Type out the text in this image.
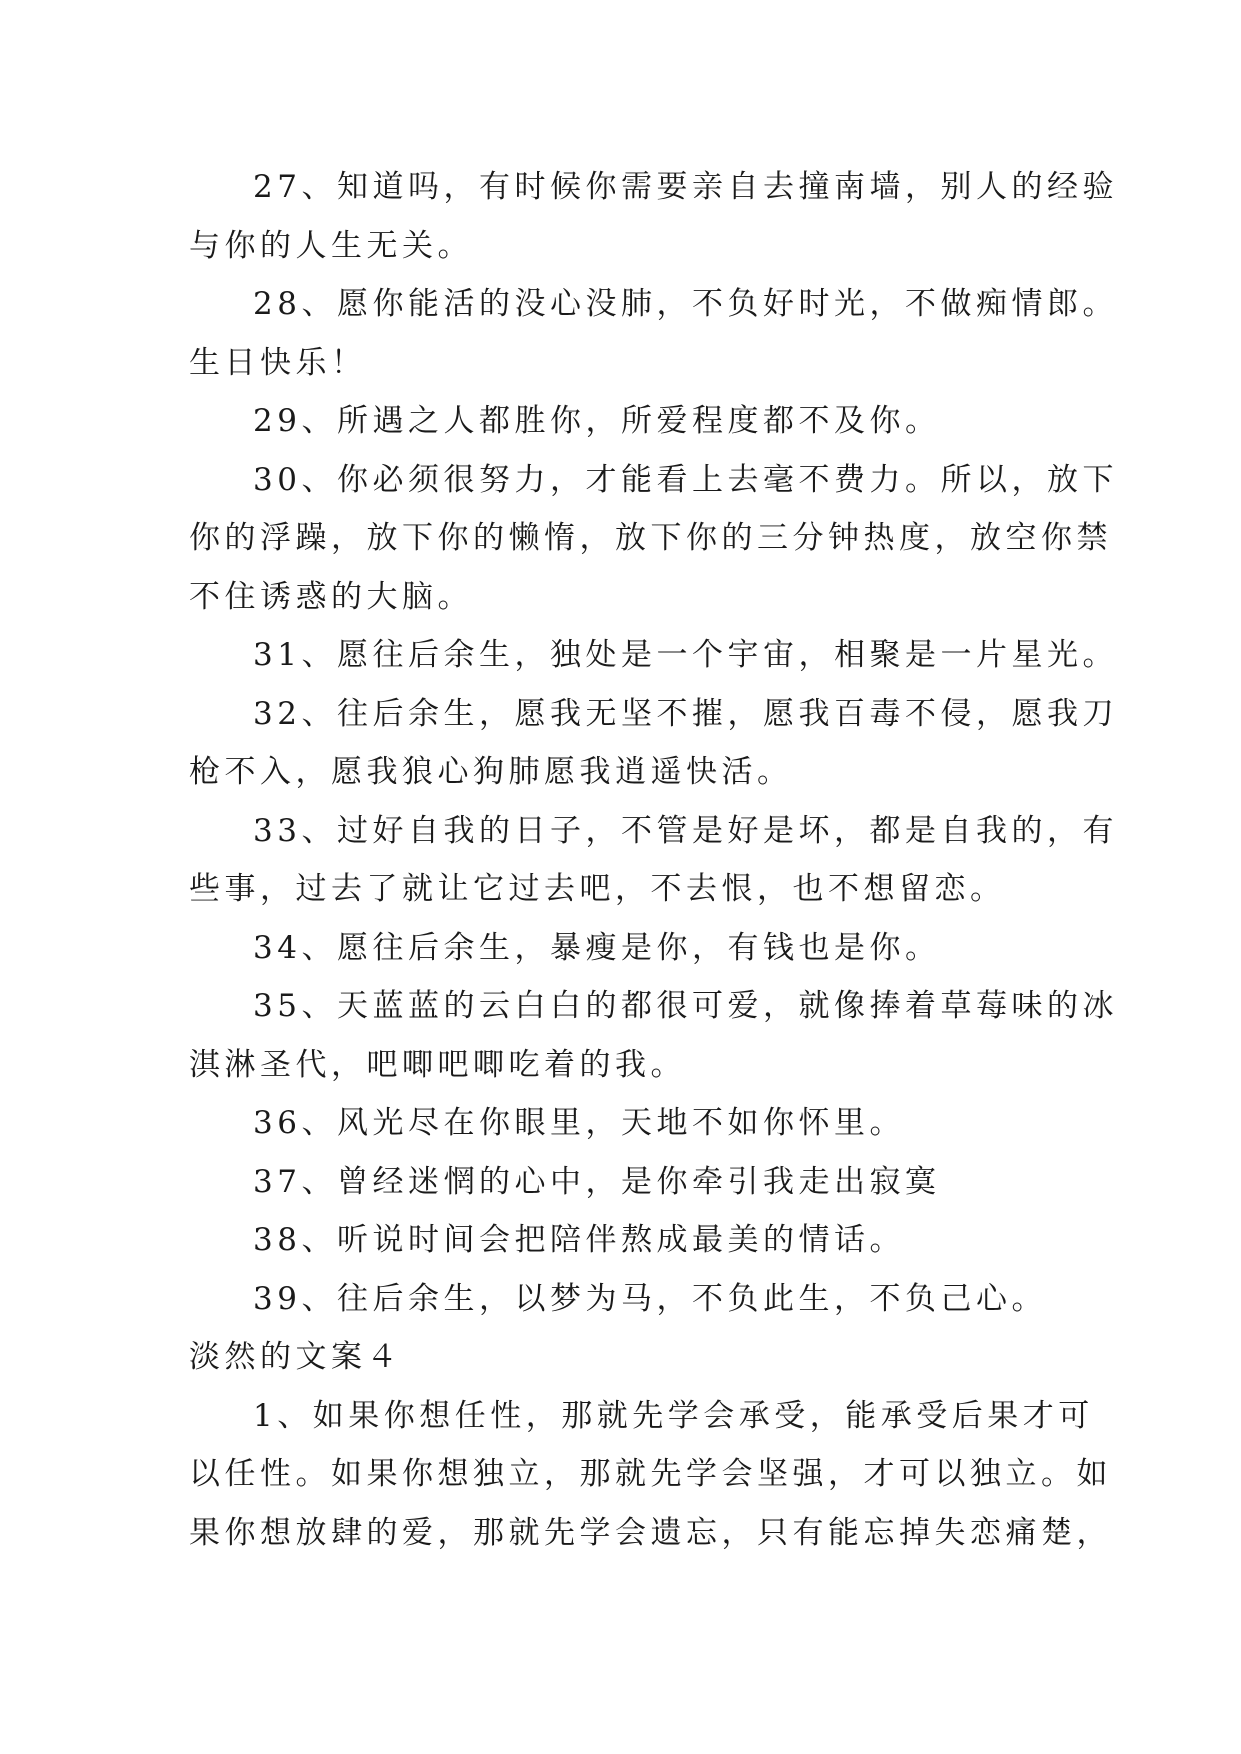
27、知道吗，有时候你需要亲自去撞南墙，别人的经验
与你的人生无关。

28、愿你能活的没心没肺，不负好时光，不做痴情郎。
生日快乐！

29、所遇之人都胜你，所爱程度都不及你。

30、你必须很努力，才能看上去毫不费力。所以，放下
你的浮躁，放下你的懒惰，放下你的三分钟热度，放空你禁
不住诱惑的大脑。

31、愿往后余生，独处是一个宇宙，相聚是一片星光。

32、往后余生，愿我无坚不摧，愿我百毒不侵，愿我刀
枪不入，愿我狼心狗肺愿我逍遥快活。

33、过好自我的日子，不管是好是坏，都是自我的，有
些事，过去了就让它过去吧，不去恨，也不想留恋。

34、愿往后余生，暴瘦是你，有钱也是你。

35、天蓝蓝的云白白的都很可爱，就像捧着草莓味的冰
淇淋圣代，吧唧吧唧吃着的我。

36、风光尽在你眼里，天地不如你怀里。

37、曾经迷惘的心中，是你牵引我走出寂寞

38、听说时间会把陪伴熬成最美的情话。

39、往后余生，以梦为马，不负此生，不负己心。

淡然的文案４

1、如果你想任性，那就先学会承受，能承受后果才可
以任性。如果你想独立，那就先学会坚强，才可以独立。如
果你想放肆的爱，那就先学会遗忘，只有能忘掉失恋痛楚，
